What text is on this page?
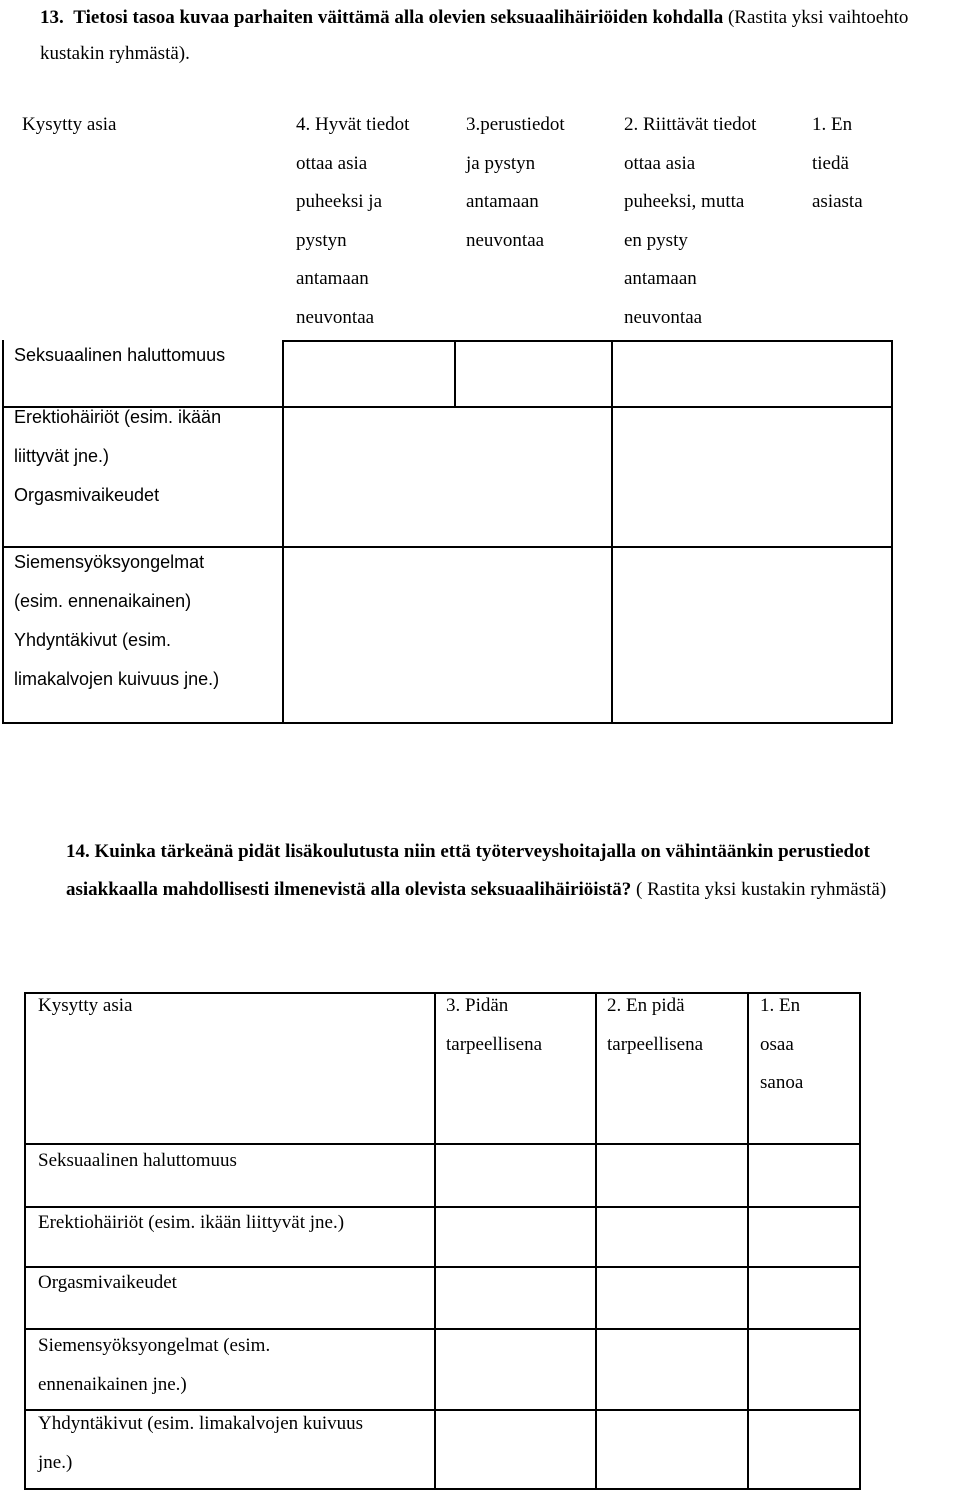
13. Tietosi tasoa kuvaa parhaiten väittämä alla olevien seksuaalihäiriöiden kohdalla (Rastita yksi vaihtoehto kustakin ryhmästä).
Kysytty asia	4. Hyvät tiedot
ottaa asia
puheeksi ja
pystyn
antamaan
neuvontaa
3.perustiedot
ja pystyn
antamaan
neuvontaa
2. Riittävät tiedot
ottaa asia
puheeksi, mutta
en pysty
antamaan
neuvontaa
1. En
tiedä
asiasta
Seksuaalinen haluttomuus
Erektiohäiriöt (esim. ikään
liittyvät jne.)
Orgasmivaikeudet
Siemensyöksyongelmat
(esim. ennenaikainen)
Yhdyntäkivut (esim.
limakalvojen kuivuus jne.)
14. Kuinka tärkeänä pidät lisäkoulutusta niin että työterveyshoitajalla on vähintäänkin perustiedot asiakkaalla mahdollisesti ilmenevistä alla olevista seksuaalihäiriöistä? ( Rastita yksi kustakin ryhmästä)
Kysytty asia	3. Pidän
tarpeellisena
2. En pidä
tarpeellisena
1. En
osaa
sanoa
Seksuaalinen haluttomuus
Erektiohäiriöt (esim. ikään liittyvät jne.)
Orgasmivaikeudet
Siemensyöksyongelmat (esim.
ennenaikainen jne.)
Yhdyntäkivut (esim. limakalvojen kuivuus
jne.)
